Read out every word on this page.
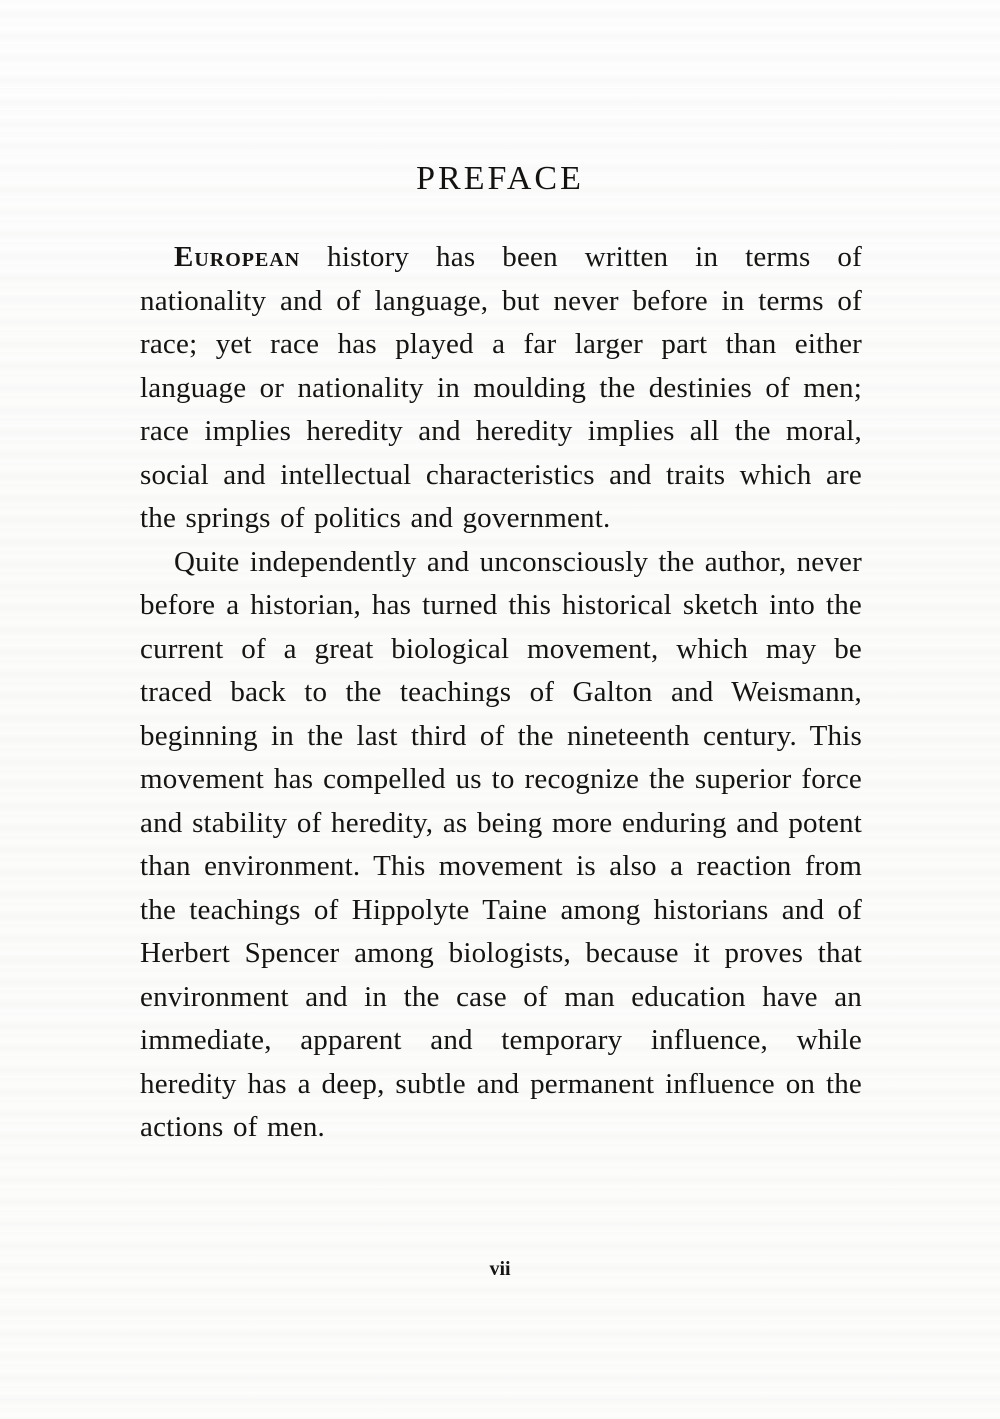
PREFACE

European history has been written in terms of nationality and of language, but never before in terms of race; yet race has played a far larger part than either language or nationality in moulding the destinies of men; race implies heredity and heredity implies all the moral, social and intellectual characteristics and traits which are the springs of politics and government.

Quite independently and unconsciously the author, never before a historian, has turned this historical sketch into the current of a great biological movement, which may be traced back to the teachings of Galton and Weismann, beginning in the last third of the nineteenth century. This movement has compelled us to recognize the superior force and stability of heredity, as being more enduring and potent than environment. This movement is also a reaction from the teachings of Hippolyte Taine among historians and of Herbert Spencer among biologists, because it proves that environment and in the case of man education have an immediate, apparent and temporary influence, while heredity has a deep, subtle and permanent influence on the actions of men.

vii
